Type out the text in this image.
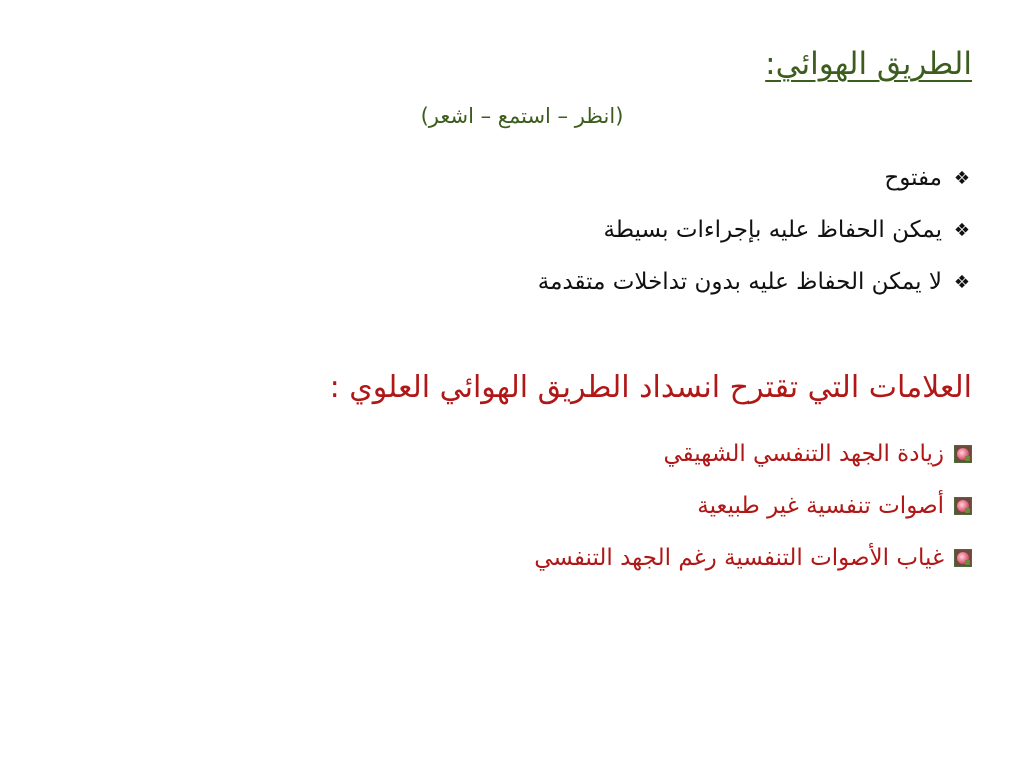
الطريق الهوائي:
(انظر – استمع – اشعر)
❖
مفتوح
❖
يمكن الحفاظ عليه بإجراءات بسيطة
❖
لا يمكن الحفاظ عليه بدون تداخلات متقدمة
العلامات التي تقترح انسداد الطريق الهوائي العلوي :
زيادة الجهد التنفسي الشهيقي
أصوات تنفسية غير طبيعية
غياب الأصوات التنفسية رغم الجهد التنفسي
